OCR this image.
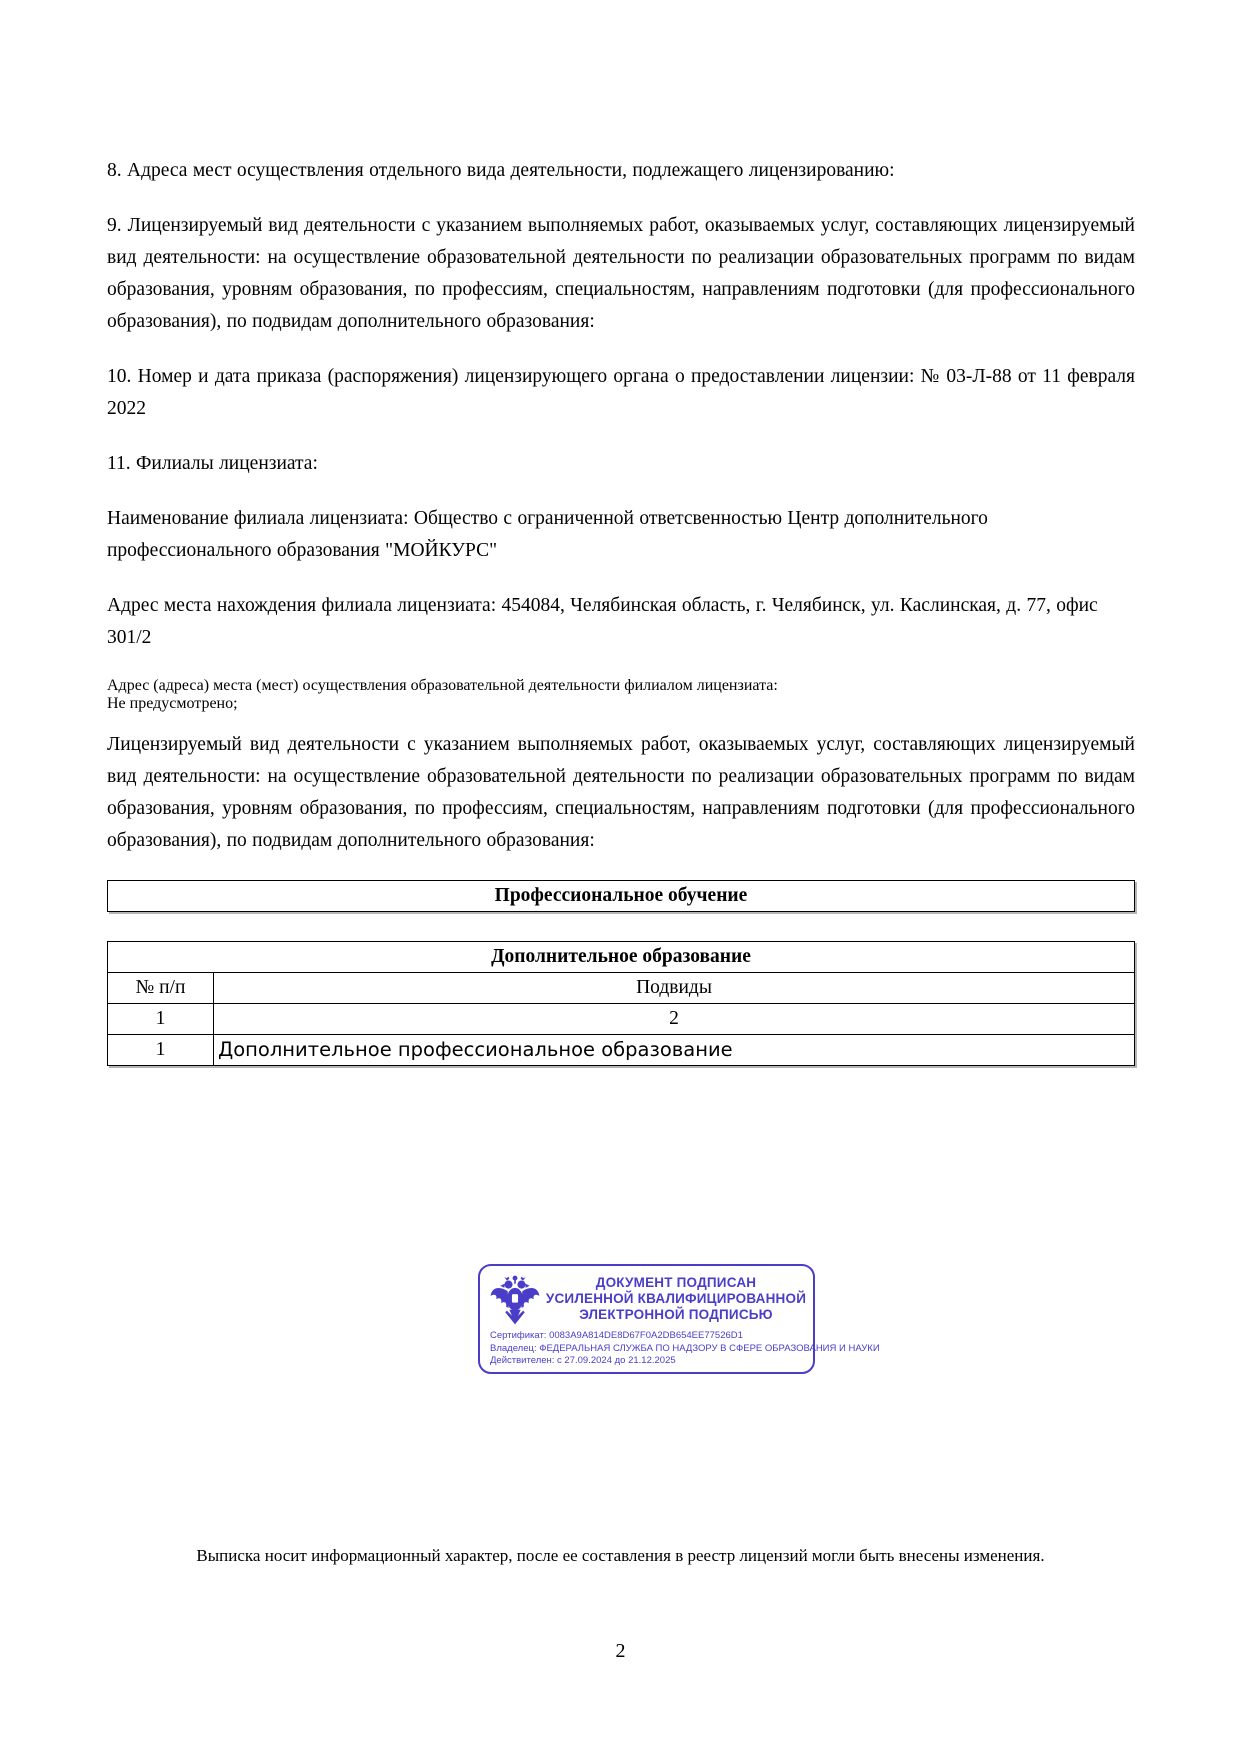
8. Адреса мест осуществления отдельного вида деятельности, подлежащего лицензированию:

9. Лицензируемый вид деятельности с указанием выполняемых работ, оказываемых услуг, составляющих лицензируемый вид деятельности: на осуществление образовательной деятельности по реализации образовательных программ по видам образования, уровням образования, по профессиям, специальностям, направлениям подготовки (для профессионального образования), по подвидам дополнительного образования:

10. Номер и дата приказа (распоряжения) лицензирующего органа о предоставлении лицензии: № 03-Л-88 от 11 февраля 2022

11. Филиалы лицензиата:

Наименование филиала лицензиата: Общество с ограниченной ответсвенностью Центр дополнительного профессионального образования "МОЙКУРС"

Адрес места нахождения филиала лицензиата: 454084, Челябинская область, г. Челябинск, ул. Каслинская, д. 77, офис 301/2

Адрес (адреса) места (мест) осуществления образовательной деятельности филиалом лицензиата:
Не предусмотрено;

Лицензируемый вид деятельности с указанием выполняемых работ, оказываемых услуг, составляющих лицензируемый вид деятельности: на осуществление образовательной деятельности по реализации образовательных программ по видам образования, уровням образования, по профессиям, специальностям, направлениям подготовки (для профессионального образования), по подвидам дополнительного образования:

Профессиональное обучение
Дополнительное образование	
№ п/п	Подвиды
1	2
1	Дополнительное профессиональное образование
ДОКУМЕНТ ПОДПИСАН
УСИЛЕННОЙ КВАЛИФИЦИРОВАННОЙ
ЭЛЕКТРОННОЙ ПОДПИСЬЮ
Сертификат: 0083A9A814DE8D67F0A2DB654EE77526D1
Владелец: ФЕДЕРАЛЬНАЯ СЛУЖБА ПО НАДЗОРУ В СФЕРЕ ОБРАЗОВАНИЯ И НАУКИ
Действителен: с 27.09.2024 до 21.12.2025
Выписка носит информационный характер, после ее составления в реестр лицензий могли быть внесены изменения.
2
